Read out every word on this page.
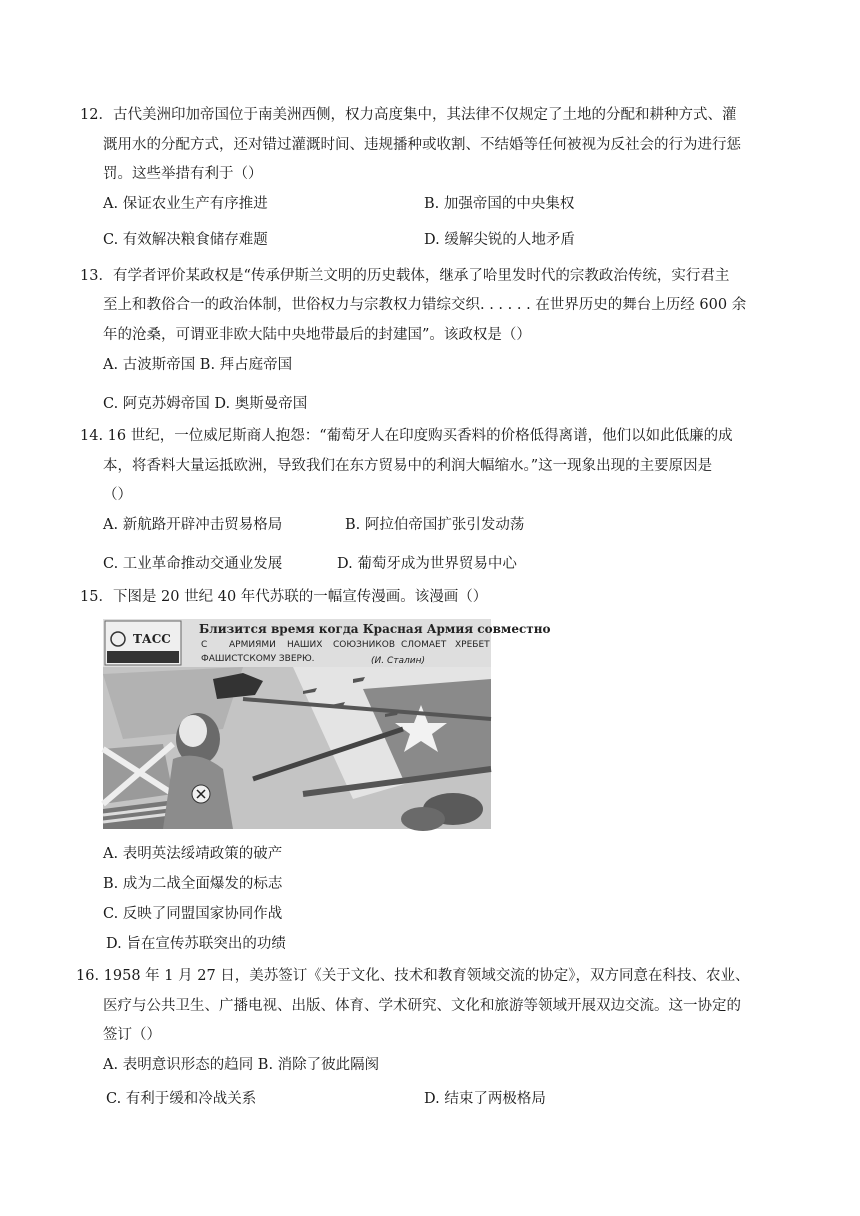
12．古代美洲印加帝国位于南美洲西侧，权力高度集中，其法律不仅规定了土地的分配和耕种方式、灌
溉用水的分配方式，还对错过灌溉时间、违规播种或收割、不结婚等任何被视为反社会的行为进行惩
罚。这些举措有利于（）
A. 保证农业生产有序推进	B. 加强帝国的中央集权
C. 有效解决粮食储存难题	D. 缓解尖锐的人地矛盾
13．有学者评价某政权是“传承伊斯兰文明的历史载体，继承了哈里发时代的宗教政治传统，实行君主
至上和教俗合一的政治体制，世俗权力与宗教权力错综交织. . . . . . 在世界历史的舞台上历经 600 余
年的沧桑，可谓亚非欧大陆中央地带最后的封建国”。该政权是（）
A. 古波斯帝国 B. 拜占庭帝国
C. 阿克苏姆帝国 D. 奥斯曼帝国
14. 16 世纪，一位威尼斯商人抱怨：“葡萄牙人在印度购买香料的价格低得离谱，他们以如此低廉的成
本，将香料大量运抵欧洲，导致我们在东方贸易中的利润大幅缩水。”这一现象出现的主要原因是
（）
A. 新航路开辟冲击贸易格局	B. 阿拉伯帝国扩张引发动荡
C. 工业革命推动交通业发展	D. 葡萄牙成为世界贸易中心
15．下图是 20 世纪 40 年代苏联的一幅宣传漫画。该漫画（）
ТАСС
Близится время когда Красная Армия совместно
С АРМИЯМИ НАШИХ СОЮЗНИКОВ СЛОМАЕТ ХРЕБЕТ
ФАШИСТСКОМУ ЗВЕРЮ.	(И. Сталин)
A. 表明英法绥靖政策的破产
B. 成为二战全面爆发的标志
C. 反映了同盟国家协同作战
D. 旨在宣传苏联突出的功绩
16. 1958 年 1 月 27 日，美苏签订《关于文化、技术和教育领域交流的协定》，双方同意在科技、农业、
医疗与公共卫生、广播电视、出版、体育、学术研究、文化和旅游等领域开展双边交流。这一协定的
签订（）
A. 表明意识形态的趋同 B. 消除了彼此隔阂
C. 有利于缓和冷战关系	D. 结束了两极格局
